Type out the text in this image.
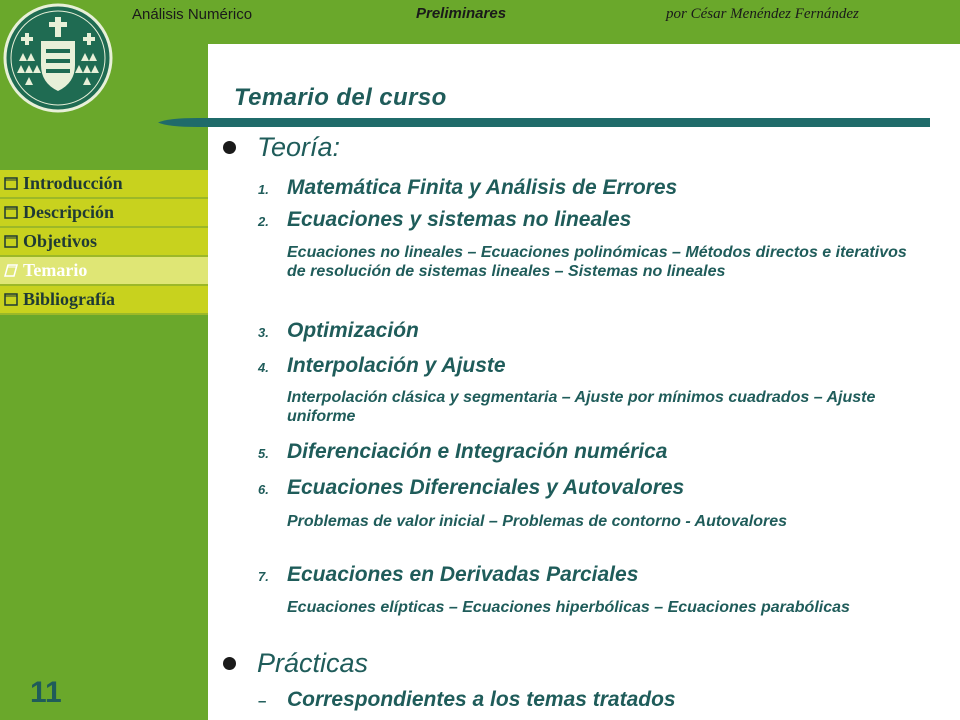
Análisis Numérico	Preliminares	por César Menéndez Fernández
Temario del curso
Introducción
Descripción
Objetivos
Temario
Bibliografía
11
Teoría:
1. Matemática Finita y Análisis de Errores
2. Ecuaciones y sistemas no lineales
Ecuaciones no lineales – Ecuaciones polinómicas – Métodos directos e iterativos de resolución de sistemas lineales – Sistemas no lineales
3. Optimización
4. Interpolación y Ajuste
Interpolación clásica y segmentaria – Ajuste por mínimos cuadrados – Ajuste uniforme
5. Diferenciación e Integración numérica
6. Ecuaciones Diferenciales y Autovalores
Problemas de valor inicial – Problemas de contorno - Autovalores
7. Ecuaciones en Derivadas Parciales
Ecuaciones elípticas – Ecuaciones hiperbólicas – Ecuaciones parabólicas
Prácticas
– Correspondientes a los temas tratados
